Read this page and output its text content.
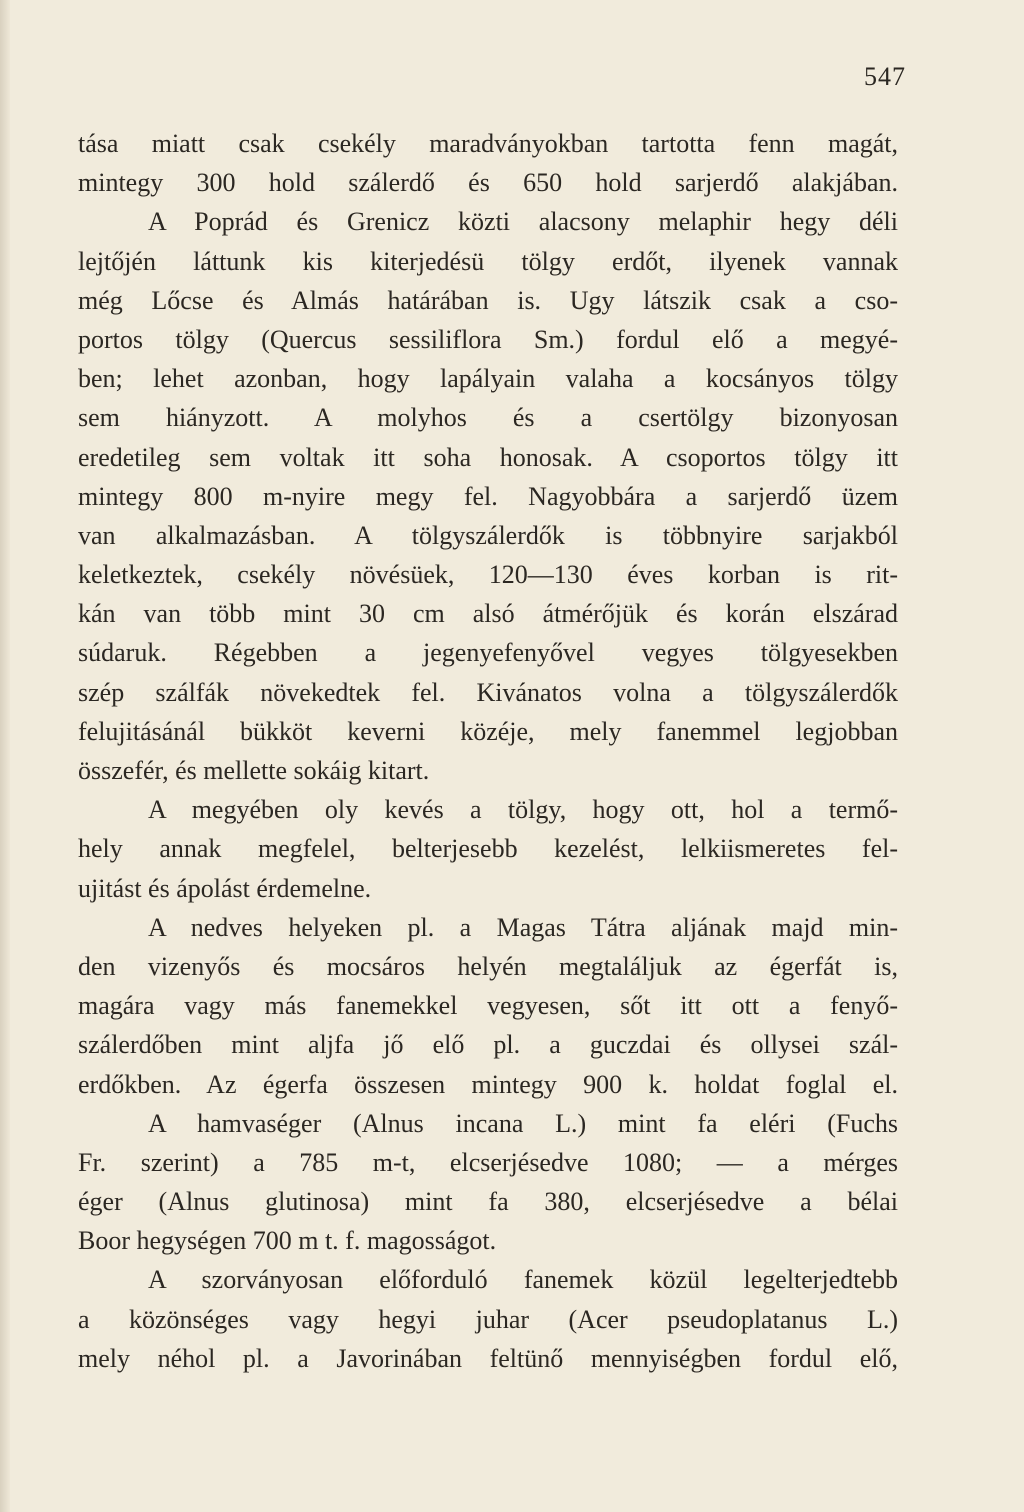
547
tása miatt csak csekély maradványokban tartotta fenn magát,
mintegy 300 hold szálerdő és 650 hold sarjerdő alakjában.
A Poprád és Grenicz közti alacsony melaphir hegy déli
lejtőjén láttunk kis kiterjedésü tölgy erdőt, ilyenek vannak
még Lőcse és Almás határában is. Ugy látszik csak a cso-
portos tölgy (Quercus sessiliflora Sm.) fordul elő a megyé-
ben; lehet azonban, hogy lapályain valaha a kocsányos tölgy
sem hiányzott. A molyhos és a csertölgy bizonyosan
eredetileg sem voltak itt soha honosak. A csoportos tölgy itt
mintegy 800 m-nyire megy fel. Nagyobbára a sarjerdő üzem
van alkalmazásban. A tölgyszálerdők is többnyire sarjakból
keletkeztek, csekély növésüek, 120—130 éves korban is rit-
kán van több mint 30 cm alsó átmérőjük és korán elszárad
súdaruk. Régebben a jegenyefenyővel vegyes tölgyesekben
szép szálfák növekedtek fel. Kivánatos volna a tölgyszálerdők
felujitásánál bükköt keverni közéje, mely fanemmel legjobban
összefér, és mellette sokáig kitart.
A megyében oly kevés a tölgy, hogy ott, hol a termő-
hely annak megfelel, belterjesebb kezelést, lelkiismeretes fel-
ujitást és ápolást érdemelne.
A nedves helyeken pl. a Magas Tátra aljának majd min-
den vizenyős és mocsáros helyén megtaláljuk az égerfát is,
magára vagy más fanemekkel vegyesen, sőt itt ott a fenyő-
szálerdőben mint aljfa jő elő pl. a guczdai és ollysei szál-
erdőkben. Az égerfa összesen mintegy 900 k. holdat foglal el.
A hamvaséger (Alnus incana L.) mint fa eléri (Fuchs
Fr. szerint) a 785 m-t, elcserjésedve 1080; — a mérges
éger (Alnus glutinosa) mint fa 380, elcserjésedve a bélai
Boor hegységen 700 m t. f. magosságot.
A szorványosan előforduló fanemek közül legelterjedtebb
a közönséges vagy hegyi juhar (Acer pseudoplatanus L.)
mely néhol pl. a Javorinában feltünő mennyiségben fordul elő,
